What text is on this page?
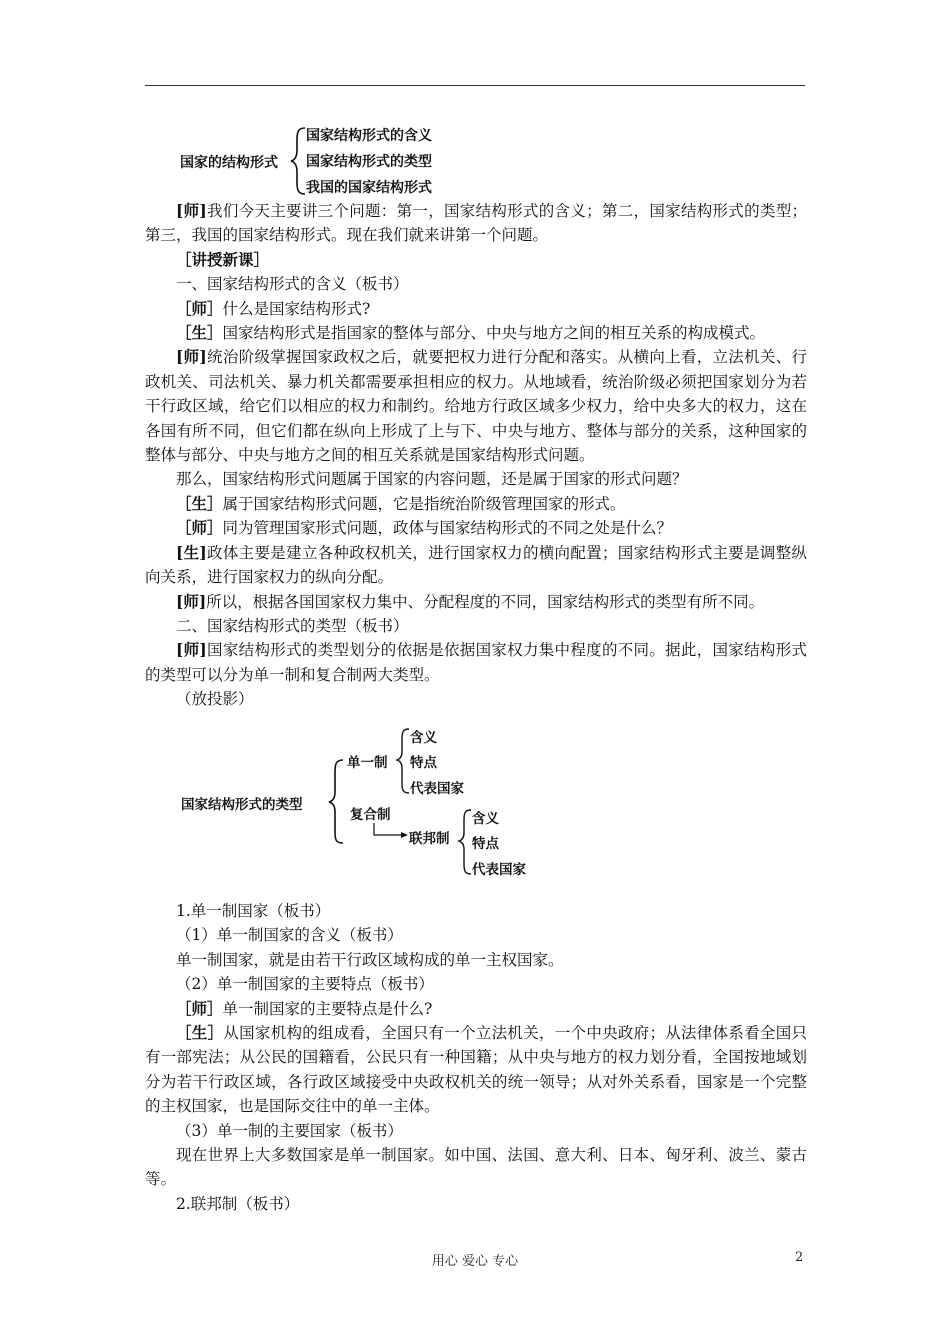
国家的结构形式
国家结构形式的含义
国家结构形式的类型
我国的国家结构形式

[师]我们今天主要讲三个问题：第一，国家结构形式的含义；第二，国家结构形式的类型；第三，我国的国家结构形式。现在我们就来讲第一个问题。

［讲授新课］

一、国家结构形式的含义（板书）

［师］什么是国家结构形式?

［生］国家结构形式是指国家的整体与部分、中央与地方之间的相互关系的构成模式。

[师]统治阶级掌握国家政权之后，就要把权力进行分配和落实。从横向上看，立法机关、行政机关、司法机关、暴力机关都需要承担相应的权力。从地域看，统治阶级必须把国家划分为若干行政区域，给它们以相应的权力和制约。给地方行政区域多少权力，给中央多大的权力，这在各国有所不同，但它们都在纵向上形成了上与下、中央与地方、整体与部分的关系，这种国家的整体与部分、中央与地方之间的相互关系就是国家结构形式问题。

那么，国家结构形式问题属于国家的内容问题，还是属于国家的形式问题？

［生］属于国家结构形式问题，它是指统治阶级管理国家的形式。

［师］同为管理国家形式问题，政体与国家结构形式的不同之处是什么？

[生]政体主要是建立各种政权机关，进行国家权力的横向配置；国家结构形式主要是调整纵向关系，进行国家权力的纵向分配。

[师]所以，根据各国国家权力集中、分配程度的不同，国家结构形式的类型有所不同。

二、国家结构形式的类型（板书）

[师]国家结构形式的类型划分的依据是依据国家权力集中程度的不同。据此，国家结构形式的类型可以分为单一制和复合制两大类型。

（放投影）

国家结构形式的类型
单一制
复合制
联邦制
含义
特点
代表国家
含义
特点
代表国家

1.单一制国家（板书）

（1）单一制国家的含义（板书）

单一制国家，就是由若干行政区域构成的单一主权国家。

（2）单一制国家的主要特点（板书）

［师］单一制国家的主要特点是什么?

［生］从国家机构的组成看，全国只有一个立法机关，一个中央政府；从法律体系看全国只有一部宪法；从公民的国籍看，公民只有一种国籍；从中央与地方的权力划分看，全国按地域划分为若干行政区域，各行政区域接受中央政权机关的统一领导；从对外关系看，国家是一个完整的主权国家，也是国际交往中的单一主体。

（3）单一制的主要国家（板书）

现在世界上大多数国家是单一制国家。如中国、法国、意大利、日本、匈牙利、波兰、蒙古等。

2.联邦制（板书）

用心 爱心 专心	2
